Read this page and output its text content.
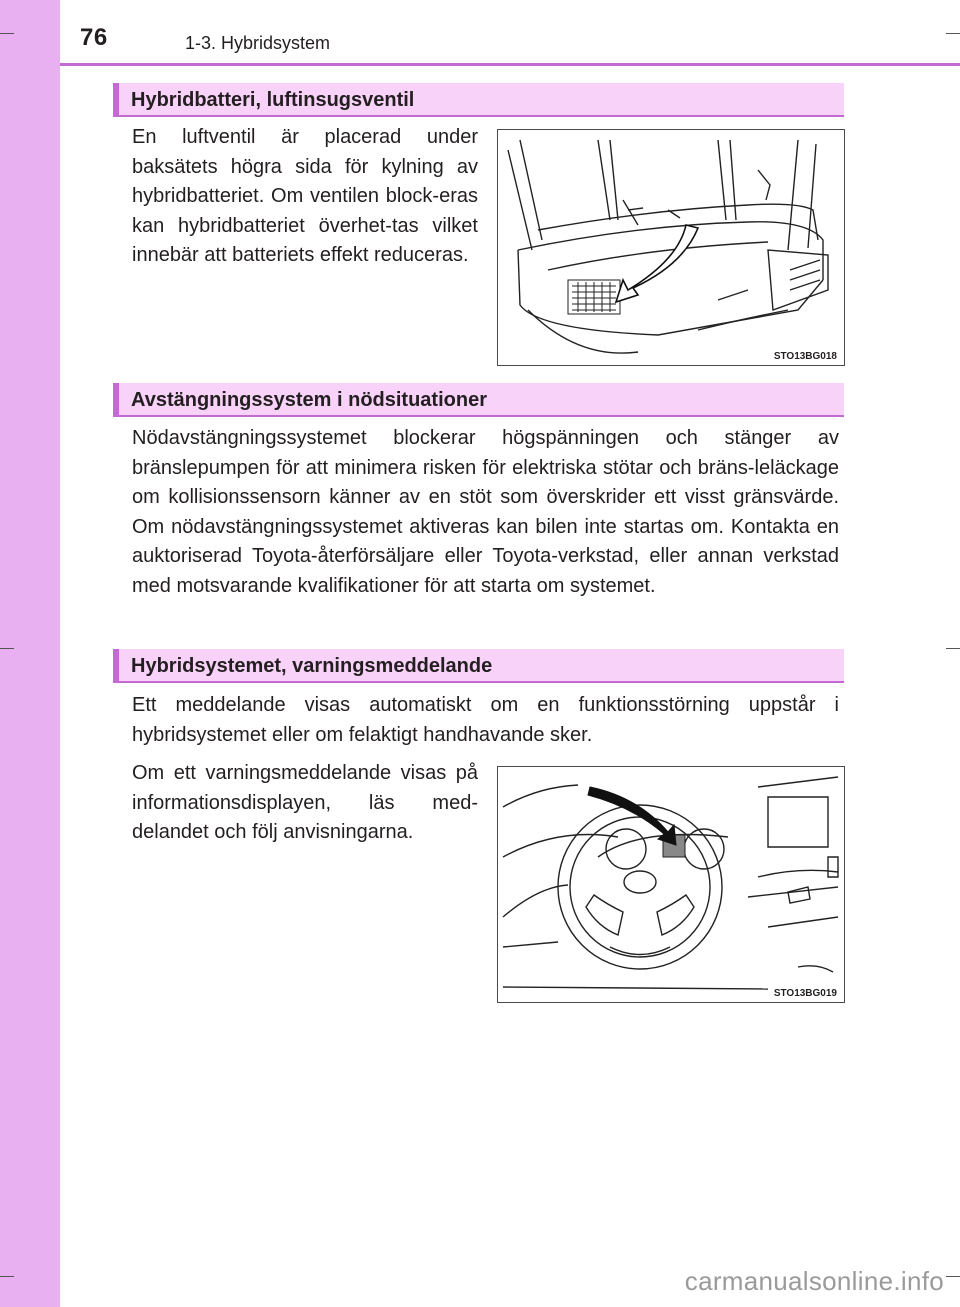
76	1-3. Hybridsystem
Hybridbatteri, luftinsugsventil

En luftventil är placerad under baksätets högra sida för kylning av hybridbatteriet. Om ventilen block-eras kan hybridbatteriet överhet-tas vilket innebär att batteriets effekt reduceras.

STO13BG018
Avstängningssystem i nödsituationer

Nödavstängningssystemet blockerar högspänningen och stänger av bränslepumpen för att minimera risken för elektriska stötar och bräns-leläckage om kollisionssensorn känner av en stöt som överskrider ett visst gränsvärde. Om nödavstängningssystemet aktiveras kan bilen inte startas om. Kontakta en auktoriserad Toyota-återförsäljare eller Toyota-verkstad, eller annan verkstad med motsvarande kvalifikationer för att starta om systemet.

Hybridsystemet, varningsmeddelande

Ett meddelande visas automatiskt om en funktionsstörning uppstår i hybridsystemet eller om felaktigt handhavande sker.

Om ett varningsmeddelande visas på informationsdisplayen, läs med-delandet och följ anvisningarna.

STO13BG019
carmanualsonline.info
